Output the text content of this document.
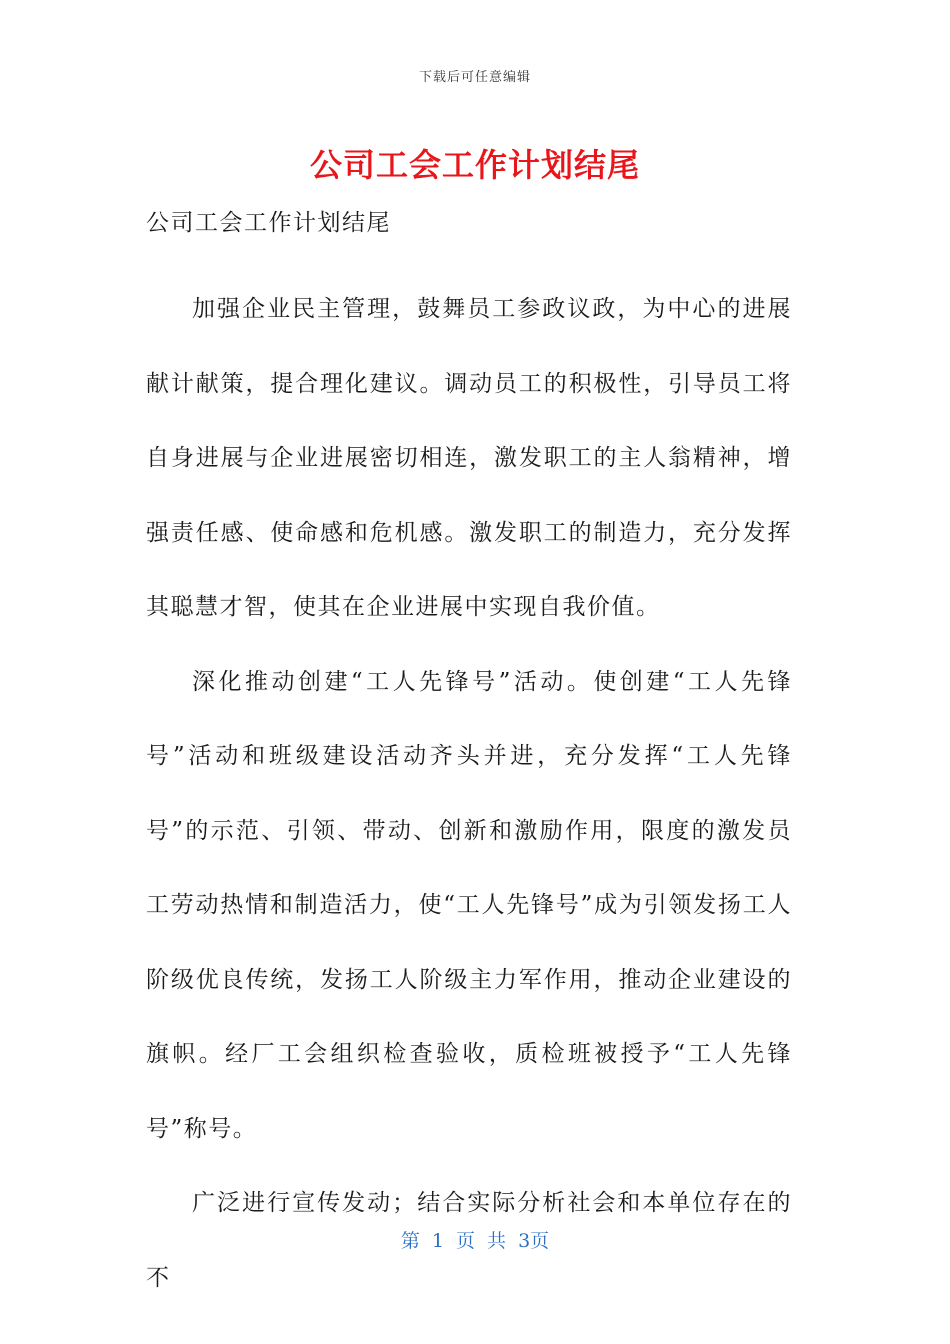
下载后可任意编辑
公司工会工作计划结尾
公司工会工作计划结尾

加强企业民主管理，鼓舞员工参政议政，为中心的进展献计献策，提合理化建议。调动员工的积极性，引导员工将自身进展与企业进展密切相连，激发职工的主人翁精神，增强责任感、使命感和危机感。激发职工的制造力，充分发挥其聪慧才智，使其在企业进展中实现自我价值。

深化推动创建“工人先锋号”活动。使创建“工人先锋号”活动和班级建设活动齐头并进，充分发挥“工人先锋号”的示范、引领、带动、创新和激励作用，限度的激发员工劳动热情和制造活力，使“工人先锋号”成为引领发扬工人阶级优良传统，发扬工人阶级主力军作用，推动企业建设的旗帜。经厂工会组织检查验收，质检班被授予“工人先锋号”称号。

广泛进行宣传发动；结合实际分析社会和本单位存在的不

第 1 页 共 3页
